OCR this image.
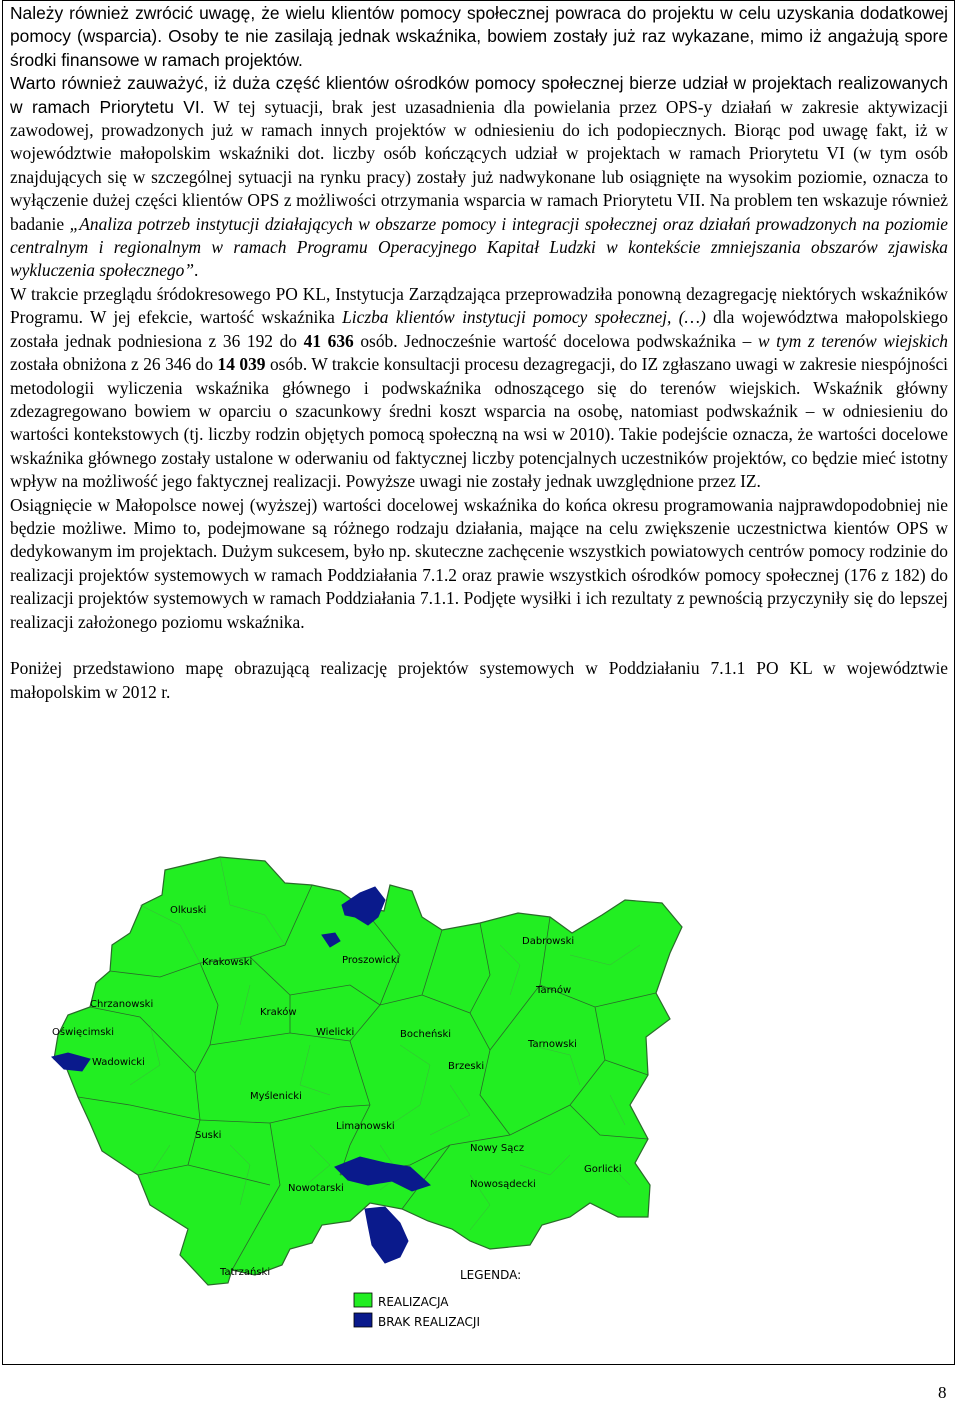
Należy również zwrócić uwagę, że wielu klientów pomocy społecznej powraca do projektu w celu uzyskania dodatkowej pomocy (wsparcia). Osoby te nie zasilają jednak wskaźnika, bowiem zostały już raz wykazane, mimo iż angażują spore środki finansowe w ramach projektów.

Warto również zauważyć, iż duża część klientów ośrodków pomocy społecznej bierze udział w projektach realizowanych w ramach Priorytetu VI. W tej sytuacji, brak jest uzasadnienia dla powielania przez OPS-y działań w zakresie aktywizacji zawodowej, prowadzonych już w ramach innych projektów w odniesieniu do ich podopiecznych. Biorąc pod uwagę fakt, iż w województwie małopolskim wskaźniki dot. liczby osób kończących udział w projektach w ramach Priorytetu VI (w tym osób znajdujących się w szczególnej sytuacji na rynku pracy) zostały już nadwykonane lub osiągnięte na wysokim poziomie, oznacza to wyłączenie dużej części klientów OPS z możliwości otrzymania wsparcia w ramach Priorytetu VII. Na problem ten wskazuje również badanie „Analiza potrzeb instytucji działających w obszarze pomocy i integracji społecznej oraz działań prowadzonych na poziomie centralnym i regionalnym w ramach Programu Operacyjnego Kapitał Ludzki w kontekście zmniejszania obszarów zjawiska wykluczenia społecznego”.

W trakcie przeglądu śródokresowego PO KL, Instytucja Zarządzająca przeprowadziła ponowną dezagregację niektórych wskaźników Programu. W jej efekcie, wartość wskaźnika Liczba klientów instytucji pomocy społecznej, (…) dla województwa małopolskiego została jednak podniesiona z 36 192 do 41 636 osób. Jednocześnie wartość docelowa podwskaźnika – w tym z terenów wiejskich została obniżona z 26 346 do 14 039 osób. W trakcie konsultacji procesu dezagregacji, do IZ zgłaszano uwagi w zakresie niespójności metodologii wyliczenia wskaźnika głównego i podwskaźnika odnoszącego się do terenów wiejskich. Wskaźnik główny zdezagregowano bowiem w oparciu o szacunkowy średni koszt wsparcia na osobę, natomiast podwskaźnik – w odniesieniu do wartości kontekstowych (tj. liczby rodzin objętych pomocą społeczną na wsi w 2010). Takie podejście oznacza, że wartości docelowe wskaźnika głównego zostały ustalone w oderwaniu od faktycznej liczby potencjalnych uczestników projektów, co będzie mieć istotny wpływ na możliwość jego faktycznej realizacji. Powyższe uwagi nie zostały jednak uwzględnione przez IZ.

Osiągnięcie w Małopolsce nowej (wyższej) wartości docelowej wskaźnika do końca okresu programowania najprawdopodobniej nie będzie możliwe. Mimo to, podejmowane są różnego rodzaju działania, mające na celu zwiększenie uczestnictwa kientów OPS w dedykowanym im projektach. Dużym sukcesem, było np. skuteczne zachęcenie wszystkich powiatowych centrów pomocy rodzinie do realizacji projektów systemowych w ramach Poddziałania 7.1.2 oraz prawie wszystkich ośrodków pomocy społecznej (176 z 182) do realizacji projektów systemowych w ramach Poddziałania 7.1.1. Podjęte wysiłki i ich rezultaty z pewnością przyczyniły się do lepszej realizacji założonego poziomu wskaźnika.

Poniżej przedstawiono mapę obrazującą realizację projektów systemowych w Poddziałaniu 7.1.1 PO KL w województwie małopolskim w 2012 r.

Olkuski
Krakowski	Proszowicki
Dabrowski
Chrzanowski
Kraków
Tarnów
Oświęcimski	Wielicki	Bocheński
Brzeski
Tarnowski
Wadowicki
Myślenicki
Suski
Limanowski
Nowy Sącz
Gorlicki
Nowotarski	Nowosądecki
Tatrzański	LEGENDA:
REALIZACJA
BRAK REALIZACJI
8
